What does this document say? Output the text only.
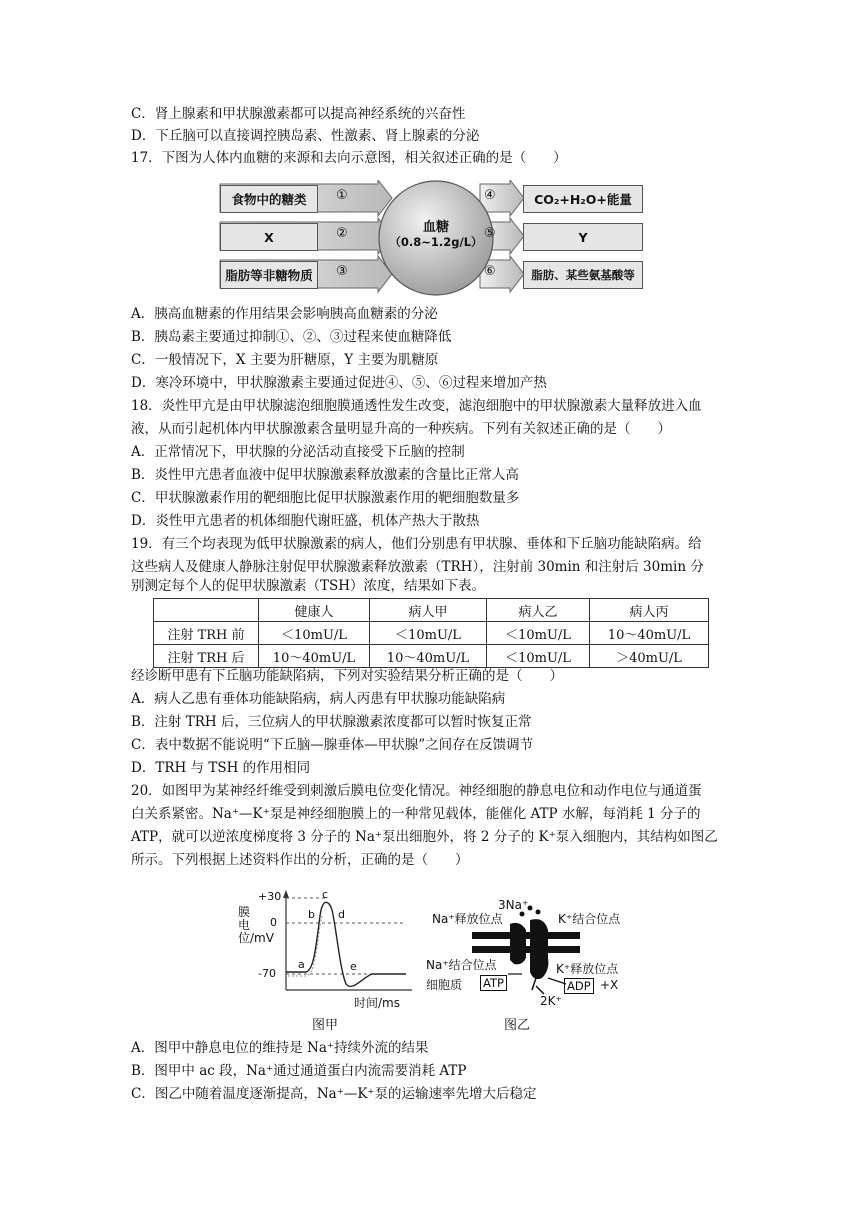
C．肾上腺素和甲状腺激素都可以提高神经系统的兴奋性
D．下丘脑可以直接调控胰岛素、性激素、肾上腺素的分泌
17．下图为人体内血糖的来源和去向示意图，相关叙述正确的是（　　）
食物中的糖类
X
脂肪等非糖物质
①
②
③
血糖
（0.8~1.2g/L）
④
⑤
⑥
CO₂+H₂O+能量
Y
脂肪、某些氨基酸等
A．胰高血糖素的作用结果会影响胰高血糖素的分泌
B．胰岛素主要通过抑制①、②、③过程来使血糖降低
C．一般情况下，X 主要为肝糖原，Y 主要为肌糖原
D．寒冷环境中，甲状腺激素主要通过促进④、⑤、⑥过程来增加产热
18．炎性甲亢是由甲状腺滤泡细胞膜通透性发生改变，滤泡细胞中的甲状腺激素大量释放进入血
液，从而引起机体内甲状腺激素含量明显升高的一种疾病。下列有关叙述正确的是（　　）
A．正常情况下，甲状腺的分泌活动直接受下丘脑的控制
B．炎性甲亢患者血液中促甲状腺激素释放激素的含量比正常人高
C．甲状腺激素作用的靶细胞比促甲状腺激素作用的靶细胞数量多
D．炎性甲亢患者的机体细胞代谢旺盛，机体产热大于散热
19．有三个均表现为低甲状腺激素的病人，他们分别患有甲状腺、垂体和下丘脑功能缺陷病。给
这些病人及健康人静脉注射促甲状腺激素释放激素（TRH），注射前 30min 和注射后 30min 分
别测定每个人的促甲状腺激素（TSH）浓度，结果如下表。
	健康人	病人甲	病人乙	病人丙
注射 TRH 前	＜10mU/L	＜10mU/L	＜10mU/L	10～40mU/L
注射 TRH 后	10～40mU/L	10～40mU/L	＜10mU/L	＞40mU/L
经诊断甲患有下丘脑功能缺陷病，下列对实验结果分析正确的是（　　）
A．病人乙患有垂体功能缺陷病，病人丙患有甲状腺功能缺陷病
B．注射 TRH 后，三位病人的甲状腺激素浓度都可以暂时恢复正常
C．表中数据不能说明“下丘脑—腺垂体—甲状腺”之间存在反馈调节
D．TRH 与 TSH 的作用相同
20．如图甲为某神经纤维受到刺激后膜电位变化情况。神经细胞的静息电位和动作电位与通道蛋
白关系紧密。Na⁺—K⁺泵是神经细胞膜上的一种常见载体，能催化 ATP 水解，每消耗 1 分子的
ATP，就可以逆浓度梯度将 3 分子的 Na⁺泵出细胞外，将 2 分子的 K⁺泵入细胞内，其结构如图乙
所示。下列根据上述资料作出的分析，正确的是（　　）
膜电位/mV
+30
0
-70
a
b
c
d
e
时间/ms
图甲
Na⁺释放位点
3Na⁺
K⁺结合位点
Na⁺结合位点	K⁺释放位点
细胞质 ATP	ADP +X
2K⁺
图乙
A．图甲中静息电位的维持是 Na⁺持续外流的结果
B．图甲中 ac 段，Na⁺通过通道蛋白内流需要消耗 ATP
C．图乙中随着温度逐渐提高，Na⁺—K⁺泵的运输速率先增大后稳定
